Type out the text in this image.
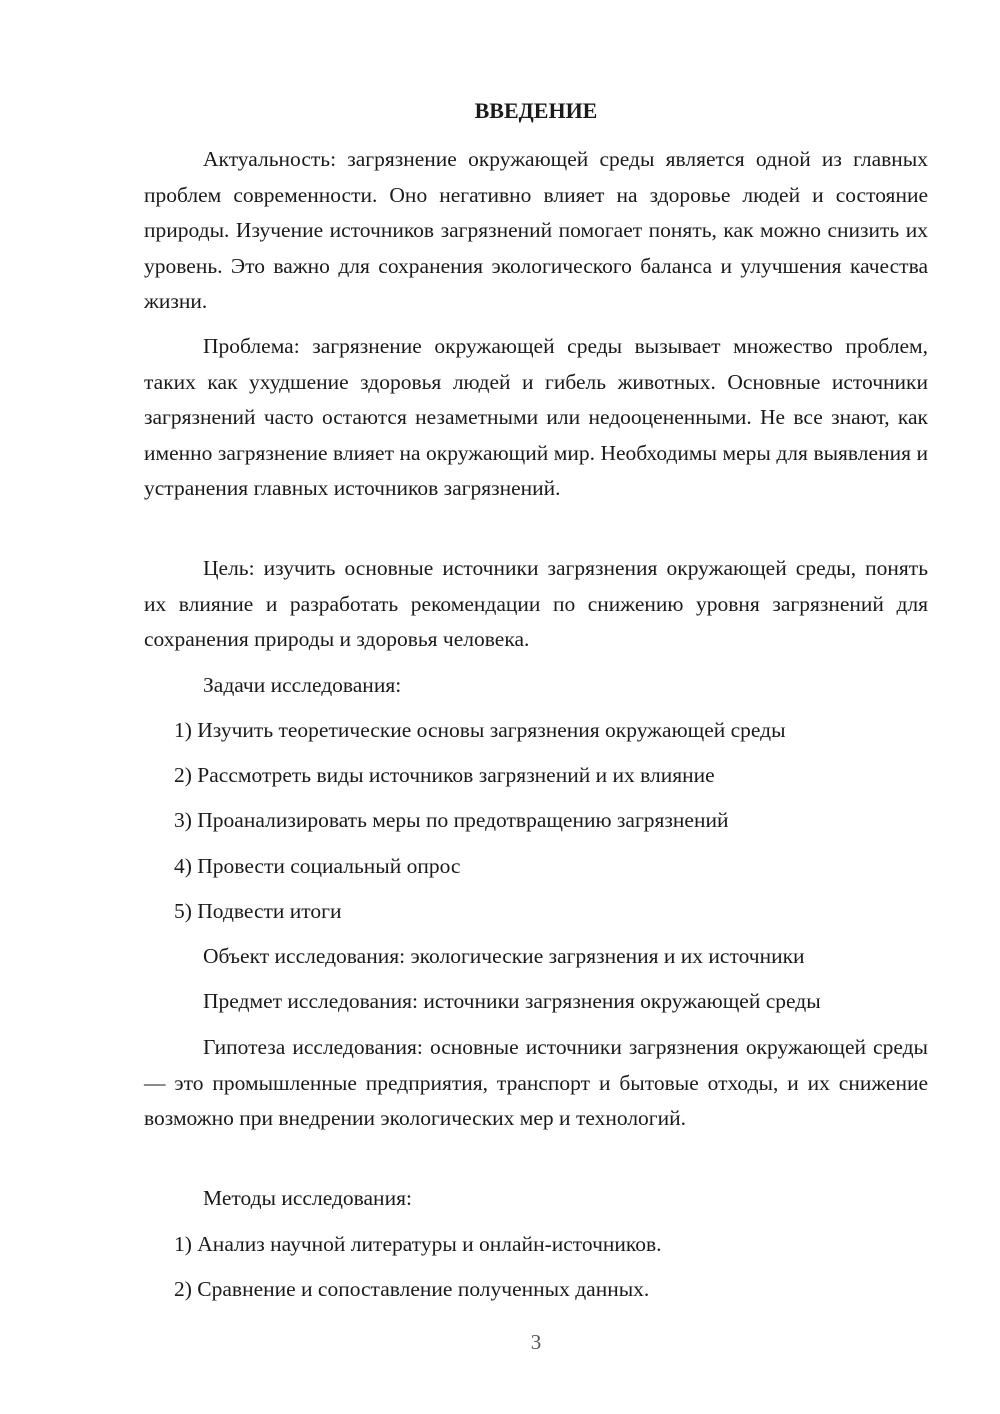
ВВЕДЕНИЕ

Актуальность: загрязнение окружающей среды является одной из главных проблем современности. Оно негативно влияет на здоровье людей и состояние природы. Изучение источников загрязнений помогает понять, как можно снизить их уровень. Это важно для сохранения экологического баланса и улучшения качества жизни.

Проблема: загрязнение окружающей среды вызывает множество проблем, таких как ухудшение здоровья людей и гибель животных. Основные источники загрязнений часто остаются незаметными или недооцененными. Не все знают, как именно загрязнение влияет на окружающий мир. Необходимы меры для выявления и устранения главных источников загрязнений.

Цель: изучить основные источники загрязнения окружающей среды, понять их влияние и разработать рекомендации по снижению уровня загрязнений для сохранения природы и здоровья человека.

Задачи исследования:
1) Изучить теоретические основы загрязнения окружающей среды
2) Рассмотреть виды источников загрязнений и их влияние
3) Проанализировать меры по предотвращению загрязнений
4) Провести социальный опрос
5) Подвести итоги
Объект исследования: экологические загрязнения и их источники
Предмет исследования: источники загрязнения окружающей среды

Гипотеза исследования: основные источники загрязнения окружающей среды — это промышленные предприятия, транспорт и бытовые отходы, и их снижение возможно при внедрении экологических мер и технологий.

Методы исследования:
1) Анализ научной литературы и онлайн-источников.
2) Сравнение и сопоставление полученных данных.
3
